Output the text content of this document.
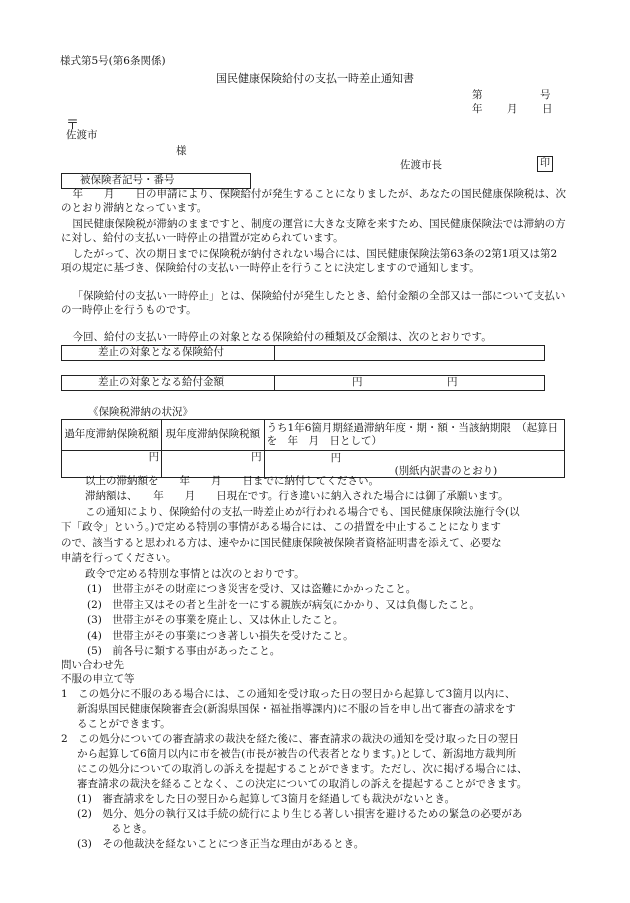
様式第5号(第6条関係)
国民健康保険給付の支払一時差止通知書
第	号
年 月 日
〒
佐渡市
様
佐渡市長	印
被保険者記号・番号
年　　月　　日の申請により、保険給付が発生することになりましたが、あなたの国民健康保険税は、次のとおり滞納となっています。
国民健康保険税が滞納のままですと、制度の運営に大きな支障を来すため、国民健康保険法では滞納の方に対し、給付の支払い一時停止の措置が定められています。
したがって、次の期日までに保険税が納付されない場合には、国民健康保険法第63条の2第1項又は第2項の規定に基づき、保険給付の支払い一時停止を行うことに決定しますので通知します。
「保険給付の支払い一時停止」とは、保険給付が発生したとき、給付金額の全部又は一部について支払いの一時停止を行うものです。
今回、給付の支払い一時停止の対象となる保険給付の種類及び金額は、次のとおりです。
差止の対象となる保険給付
差止の対象となる給付金額	円	円
《保険税滞納の状況》
過年度滞納保険税額	現年度滞納保険税額	うち1年6箇月期経過滞納年度・期・額・当該納期限　（起算日を　年　月　日として）
円	円	円
(別紙内訳書のとおり)
以上の滞納額を　　年　　月　　日までに納付してください。
滞納額は、　　年　　月　　日現在です。行き違いに納入された場合には御了承願います。
この通知により、保険給付の支払一時差止めが行われる場合でも、国民健康保険法施行令(以
下「政令」という。)で定める特別の事情がある場合には、この措置を中止することになります
ので、該当すると思われる方は、速やかに国民健康保険被保険者資格証明書を添えて、必要な
申請を行ってください。
政令で定める特別な事情とは次のとおりです。
(1)　世帯主がその財産につき災害を受け、又は盗難にかかったこと。
(2)　世帯主又はその者と生計を一にする親族が病気にかかり、又は負傷したこと。
(3)　世帯主がその事業を廃止し、又は休止したこと。
(4)　世帯主がその事業につき著しい損失を受けたこと。
(5)　前各号に類する事由があったこと。
問い合わせ先
不服の申立て等
1　この処分に不服のある場合には、この通知を受け取った日の翌日から起算して3箇月以内に、
新潟県国民健康保険審査会(新潟県国保・福祉指導課内)に不服の旨を申し出て審査の請求をす
ることができます。
2　この処分についての審査請求の裁決を経た後に、審査請求の裁決の通知を受け取った日の翌日
から起算して6箇月以内に市を被告(市長が被告の代表者となります。)として、新潟地方裁判所
にこの処分についての取消しの訴えを提起することができます。ただし、次に掲げる場合には、
審査請求の裁決を経ることなく、この決定についての取消しの訴えを提起することができます。
(1)　審査請求をした日の翌日から起算して3箇月を経過しても裁決がないとき。
(2)　処分、処分の執行又は手続の続行により生じる著しい損害を避けるための緊急の必要があ
るとき。
(3)　その他裁決を経ないことにつき正当な理由があるとき。
